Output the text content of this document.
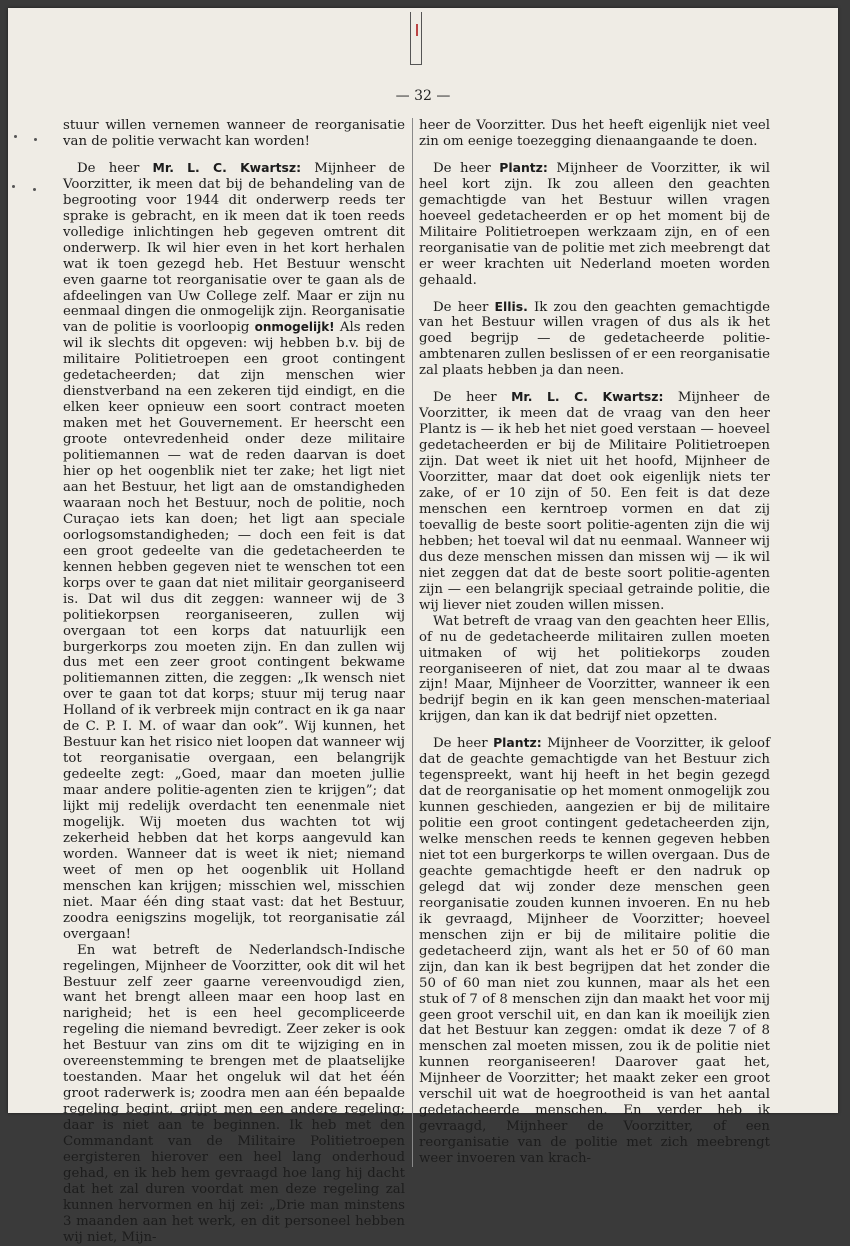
— 32 —

stuur willen vernemen wanneer de reorganisatie van de politie verwacht kan worden!

De heer Mr. L. C. Kwartsz: Mijnheer de Voorzitter, ik meen dat bij de behandeling van de begrooting voor 1944 dit onderwerp reeds ter sprake is gebracht, en ik meen dat ik toen reeds volledige inlichtingen heb gegeven omtrent dit onderwerp. Ik wil hier even in het kort herhalen wat ik toen gezegd heb. Het Bestuur wenscht even gaarne tot reorganisatie over te gaan als de afdeelingen van Uw College zelf. Maar er zijn nu eenmaal dingen die onmogelijk zijn. Reorganisatie van de politie is voorloopig onmogelijk! Als reden wil ik slechts dit opgeven: wij hebben b.v. bij de militaire Politietroepen een groot contingent gedetacheerden; dat zijn menschen wier dienstverband na een zekeren tijd eindigt, en die elken keer opnieuw een soort contract moeten maken met het Gouvernement. Er heerscht een groote ontevredenheid onder deze militaire politiemannen — wat de reden daarvan is doet hier op het oogenblik niet ter zake; het ligt niet aan het Bestuur, het ligt aan de omstandigheden waaraan noch het Bestuur, noch de politie, noch Curaçao iets kan doen; het ligt aan speciale oorlogsomstandigheden; — doch een feit is dat een groot gedeelte van die gedetacheerden te kennen hebben gegeven niet te wenschen tot een korps over te gaan dat niet militair georganiseerd is. Dat wil dus dit zeggen: wanneer wij de 3 politiekorpsen reorganiseeren, zullen wij overgaan tot een korps dat natuurlijk een burgerkorps zou moeten zijn. En dan zullen wij dus met een zeer groot contingent bekwame politiemannen zitten, die zeggen: „Ik wensch niet over te gaan tot dat korps; stuur mij terug naar Holland of ik verbreek mijn contract en ik ga naar de C. P. I. M. of waar dan ook”. Wij kunnen, het Bestuur kan het risico niet loopen dat wanneer wij tot reorganisatie overgaan, een belangrijk gedeelte zegt: „Goed, maar dan moeten jullie maar andere politie-agenten zien te krijgen”; dat lijkt mij redelijk overdacht ten eenenmale niet mogelijk. Wij moeten dus wachten tot wij zekerheid hebben dat het korps aangevuld kan worden. Wanneer dat is weet ik niet; niemand weet of men op het oogenblik uit Holland menschen kan krijgen; misschien wel, misschien niet. Maar één ding staat vast: dat het Bestuur, zoodra eenigszins mogelijk, tot reorganisatie zál overgaan!

En wat betreft de Nederlandsch-Indische regelingen, Mijnheer de Voorzitter, ook dit wil het Bestuur zelf zeer gaarne vereenvoudigd zien, want het brengt alleen maar een hoop last en narigheid; het is een heel gecompliceerde regeling die niemand bevredigt. Zeer zeker is ook het Bestuur van zins om dit te wijziging en in overeenstemming te brengen met de plaatselijke toestanden. Maar het ongeluk wil dat het één groot raderwerk is; zoodra men aan één bepaalde regeling begint, grijpt men een andere regeling; daar is niet aan te beginnen. Ik heb met den Commandant van de Militaire Politietroepen eergisteren hierover een heel lang onderhoud gehad, en ik heb hem gevraagd hoe lang hij dacht dat het zal duren voordat men deze regeling zal kunnen hervormen en hij zei: „Drie man minstens 3 maanden aan het werk, en dit personeel hebben wij niet, Mijn-

heer de Voorzitter. Dus het heeft eigenlijk niet veel zin om eenige toezegging dienaangaande te doen.

De heer Plantz: Mijnheer de Voorzitter, ik wil heel kort zijn. Ik zou alleen den geachten gemachtigde van het Bestuur willen vragen hoeveel gedetacheerden er op het moment bij de Militaire Politietroepen werkzaam zijn, en of een reorganisatie van de politie met zich meebrengt dat er weer krachten uit Nederland moeten worden gehaald.

De heer Ellis. Ik zou den geachten gemachtigde van het Bestuur willen vragen of dus als ik het goed begrijp — de gedetacheerde politie-ambtenaren zullen beslissen of er een reorganisatie zal plaats hebben ja dan neen.

De heer Mr. L. C. Kwartsz: Mijnheer de Voorzitter, ik meen dat de vraag van den heer Plantz is — ik heb het niet goed verstaan — hoeveel gedetacheerden er bij de Militaire Politietroepen zijn. Dat weet ik niet uit het hoofd, Mijnheer de Voorzitter, maar dat doet ook eigenlijk niets ter zake, of er 10 zijn of 50. Een feit is dat deze menschen een kerntroep vormen en dat zij toevallig de beste soort politie-agenten zijn die wij hebben; het toeval wil dat nu eenmaal. Wanneer wij dus deze menschen missen dan missen wij — ik wil niet zeggen dat dat de beste soort politie-agenten zijn — een belangrijk speciaal getrainde politie, die wij liever niet zouden willen missen.

Wat betreft de vraag van den geachten heer Ellis, of nu de gedetacheerde militairen zullen moeten uitmaken of wij het politiekorps zouden reorganiseeren of niet, dat zou maar al te dwaas zijn! Maar, Mijnheer de Voorzitter, wanneer ik een bedrijf begin en ik kan geen menschen-materiaal krijgen, dan kan ik dat bedrijf niet opzetten.

De heer Plantz: Mijnheer de Voorzitter, ik geloof dat de geachte gemachtigde van het Bestuur zich tegenspreekt, want hij heeft in het begin gezegd dat de reorganisatie op het moment onmogelijk zou kunnen geschieden, aangezien er bij de militaire politie een groot contingent gedetacheerden zijn, welke menschen reeds te kennen gegeven hebben niet tot een burgerkorps te willen overgaan. Dus de geachte gemachtigde heeft er den nadruk op gelegd dat wij zonder deze menschen geen reorganisatie zouden kunnen invoeren. En nu heb ik gevraagd, Mijnheer de Voorzitter; hoeveel menschen zijn er bij de militaire politie die gedetacheerd zijn, want als het er 50 of 60 man zijn, dan kan ik best begrijpen dat het zonder die 50 of 60 man niet zou kunnen, maar als het een stuk of 7 of 8 menschen zijn dan maakt het voor mij geen groot verschil uit, en dan kan ik moeilijk zien dat het Bestuur kan zeggen: omdat ik deze 7 of 8 menschen zal moeten missen, zou ik de politie niet kunnen reorganiseeren! Daarover gaat het, Mijnheer de Voorzitter; het maakt zeker een groot verschil uit wat de hoegrootheid is van het aantal gedetacheerde menschen. En verder heb ik gevraagd, Mijnheer de Voorzitter, of een reorganisatie van de politie met zich meebrengt weer invoeren van krach-
